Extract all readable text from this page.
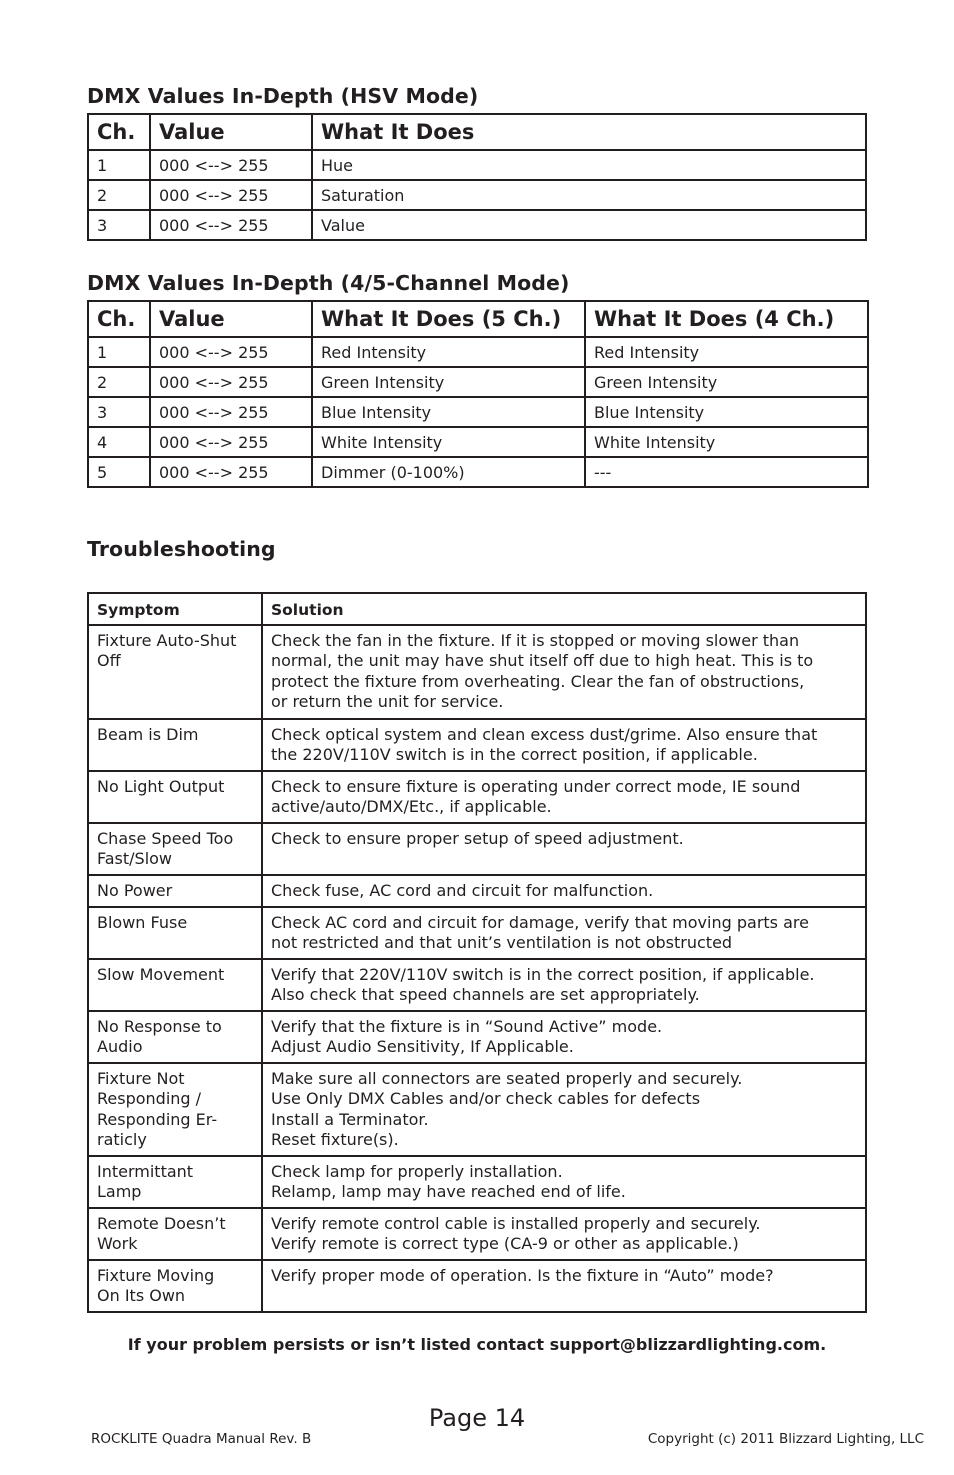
DMX Values In-Depth (HSV Mode)
Ch.	Value	What It Does
1	000 <--> 255	Hue
2	000 <--> 255	Saturation
3	000 <--> 255	Value
DMX Values In-Depth (4/5-Channel Mode)
Ch.	Value	What It Does (5 Ch.)	What It Does (4 Ch.)
1	000 <--> 255	Red Intensity	Red Intensity
2	000 <--> 255	Green Intensity	Green Intensity
3	000 <--> 255	Blue Intensity	Blue Intensity
4	000 <--> 255	White Intensity	White Intensity
5	000 <--> 255	Dimmer (0-100%)	---
Troubleshooting
Symptom	Solution
Fixture Auto-Shut
Off	Check the fan in the fixture. If it is stopped or moving slower than
normal, the unit may have shut itself off due to high heat. This is to
protect the fixture from overheating. Clear the fan of obstructions,
or return the unit for service.
Beam is Dim	Check optical system and clean excess dust/grime. Also ensure that
the 220V/110V switch is in the correct position, if applicable.
No Light Output	Check to ensure fixture is operating under correct mode, IE sound
active/auto/DMX/Etc., if applicable.
Chase Speed Too
Fast/Slow	Check to ensure proper setup of speed adjustment.
No Power	Check fuse, AC cord and circuit for malfunction.
Blown Fuse	Check AC cord and circuit for damage, verify that moving parts are
not restricted and that unit’s ventilation is not obstructed
Slow Movement	Verify that 220V/110V switch is in the correct position, if applicable.
Also check that speed channels are set appropriately.
No Response to
Audio	Verify that the fixture is in “Sound Active” mode.
Adjust Audio Sensitivity, If Applicable.
Fixture Not
Responding /
Responding Er-
raticly	Make sure all connectors are seated properly and securely.
Use Only DMX Cables and/or check cables for defects
Install a Terminator.
Reset fixture(s).
Intermittant
Lamp	Check lamp for properly installation.
Relamp, lamp may have reached end of life.
Remote Doesn’t
Work	Verify remote control cable is installed properly and securely.
Verify remote is correct type (CA-9 or other as applicable.)
Fixture Moving
On Its Own	Verify proper mode of operation. Is the fixture in “Auto” mode?
If your problem persists or isn’t listed contact support@blizzardlighting.com.
Page 14
ROCKLITE Quadra Manual Rev. B	Copyright (c) 2011 Blizzard Lighting, LLC
